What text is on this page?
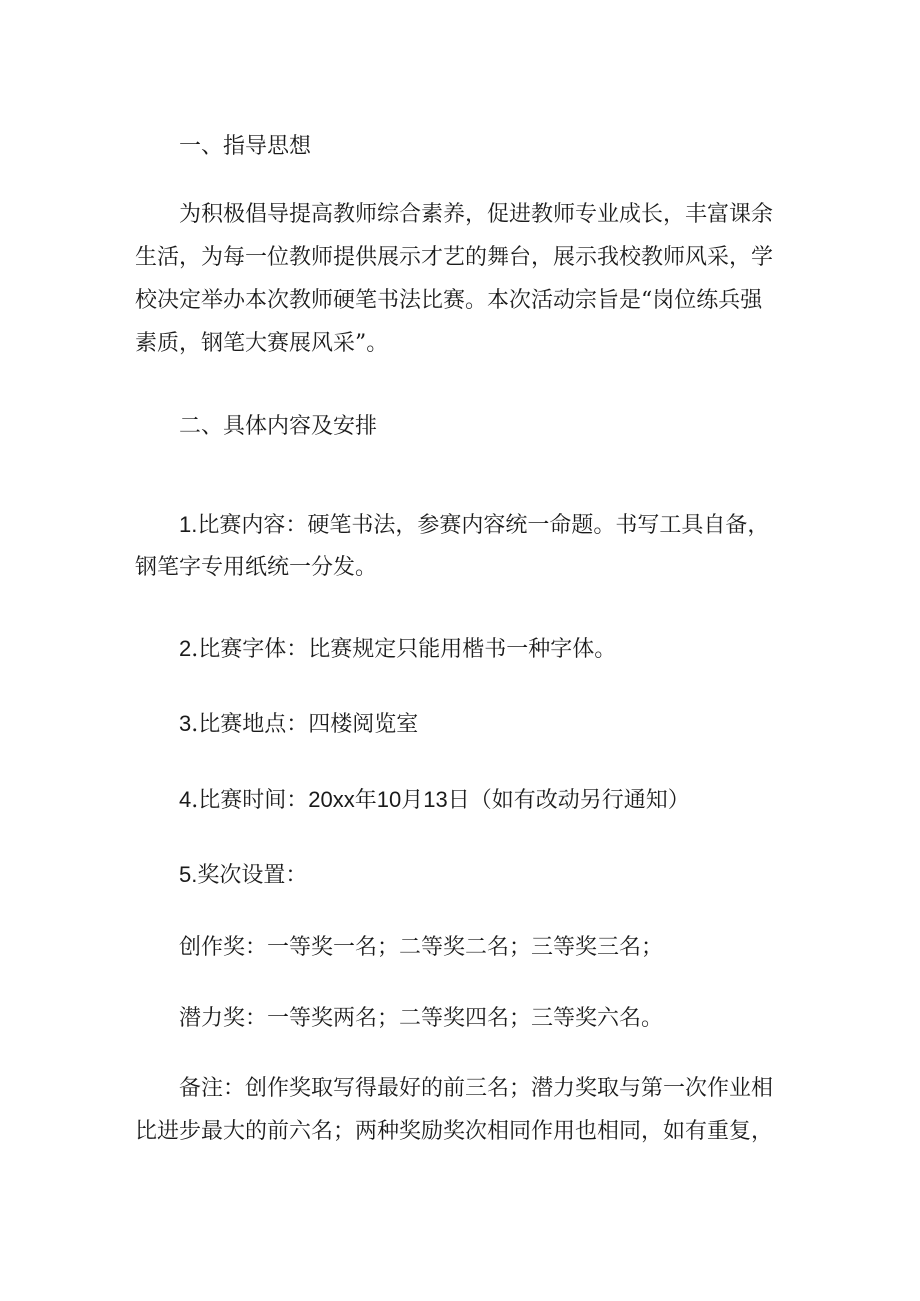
一、指导思想

为积极倡导提高教师综合素养，促进教师专业成长，丰富课余
生活，为每一位教师提供展示才艺的舞台，展示我校教师风采，学
校决定举办本次教师硬笔书法比赛。本次活动宗旨是“岗位练兵强
素质，钢笔大赛展风采”。

二、具体内容及安排

1.比赛内容：硬笔书法，参赛内容统一命题。书写工具自备，
钢笔字专用纸统一分发。

2.比赛字体：比赛规定只能用楷书一种字体。

3.比赛地点：四楼阅览室

4.比赛时间：20xx年10月13日（如有改动另行通知）

5.奖次设置：

创作奖：一等奖一名；二等奖二名；三等奖三名；

潜力奖：一等奖两名；二等奖四名；三等奖六名。

备注：创作奖取写得最好的前三名；潜力奖取与第一次作业相
比进步最大的前六名；两种奖励奖次相同作用也相同，如有重复，
